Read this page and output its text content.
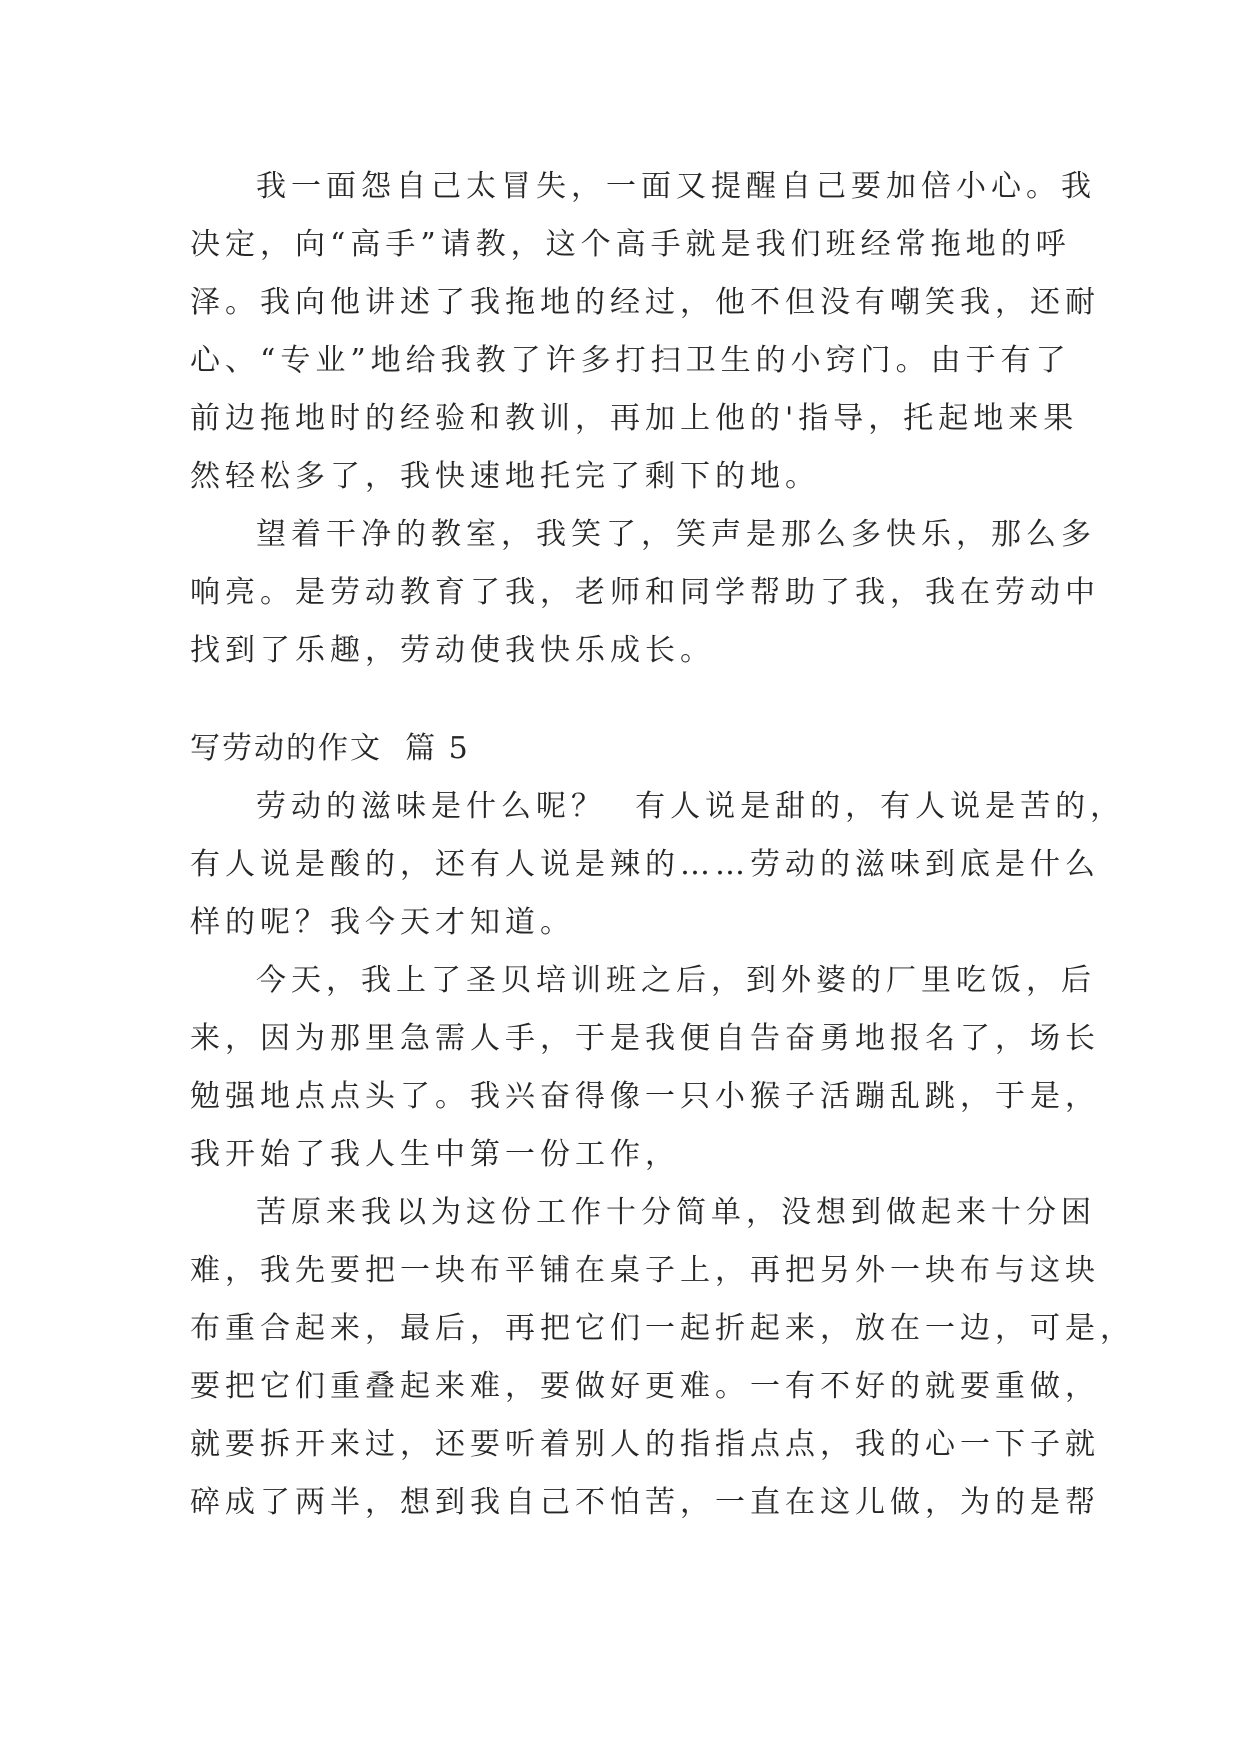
我一面怨自己太冒失，一面又提醒自己要加倍小心。我
决定，向“高手”请教，这个高手就是我们班经常拖地的呼
泽。我向他讲述了我拖地的经过，他不但没有嘲笑我，还耐
心、“专业”地给我教了许多打扫卫生的小窍门。由于有了
前边拖地时的经验和教训，再加上他的'指导，托起地来果
然轻松多了，我快速地托完了剩下的地。
望着干净的教室，我笑了，笑声是那么多快乐，那么多
响亮。是劳动教育了我，老师和同学帮助了我，我在劳动中
找到了乐趣，劳动使我快乐成长。
写劳动的作文  篇 5
劳动的滋味是什么呢？  有人说是甜的，有人说是苦的，
有人说是酸的，还有人说是辣的……劳动的滋味到底是什么
样的呢？我今天才知道。
今天，我上了圣贝培训班之后，到外婆的厂里吃饭，后
来，因为那里急需人手，于是我便自告奋勇地报名了，场长
勉强地点点头了。我兴奋得像一只小猴子活蹦乱跳，于是，
我开始了我人生中第一份工作，
苦原来我以为这份工作十分简单，没想到做起来十分困
难，我先要把一块布平铺在桌子上，再把另外一块布与这块
布重合起来，最后，再把它们一起折起来，放在一边，可是，
要把它们重叠起来难，要做好更难。一有不好的就要重做，
就要拆开来过，还要听着别人的指指点点，我的心一下子就
碎成了两半，想到我自己不怕苦，一直在这儿做，为的是帮
